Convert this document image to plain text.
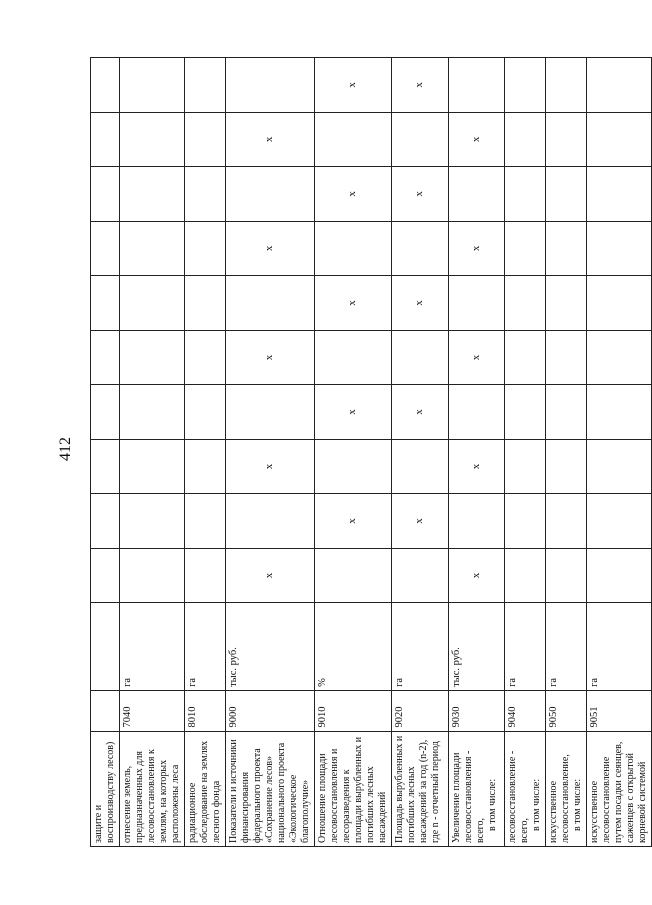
412
защите и воспроизводству лесов)												
отнесение земель, предназначенных для лесовосстановления к землям, на которых расположены леса	7040	га										
радиационное обследование на землях лесного фонда	8010	га										
Показатели и источники финансирования федерального проекта «Сохранение лесов» национального проекта «Экологическое благополучие»	9000	тыс. руб.	x		x		x		x		x	
Отношение площади лесовосстановления и лесоразведения к площади вырубленных и погибших лесных насаждений	9010	%		x		x		x		x		x
Площадь вырубленных и погибших лесных насаждений за год (n-2), где n - отчетный период	9020	га		x		x		x		x		x
Увеличение площади лесовосстановления - всего, в том числе:	9030	тыс. руб.	x		x		x		x		x	
лесовосстановление - всего, в том числе:	9040	га										
искусственное лесовосстановление, в том числе:	9050	га										
искусственное лесовосстановление путем посадки сеянцев, саженцев с открытой корневой системой	9051	га										
